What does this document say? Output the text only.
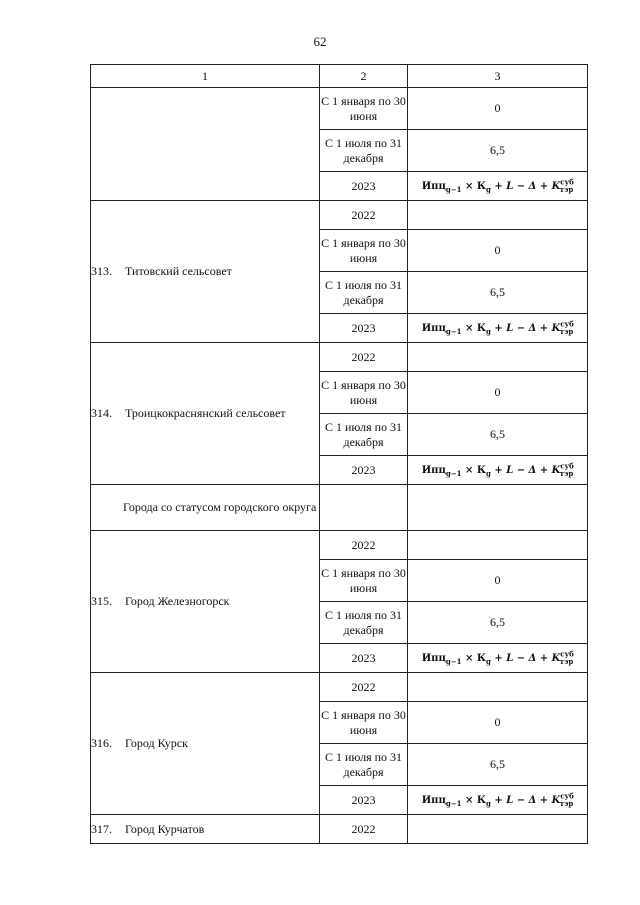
62
1	2	3
	С 1 января по 30 июня	0
	С 1 июля по 31 декабря	6,5
	2023	$Ипц_{g-1} \times К_g + L - \Delta + K^{суб}_{тэр}$
313. Титовский сельсовет	2022	
	С 1 января по 30 июня	0
	С 1 июля по 31 декабря	6,5
	2023	$Ипц_{g-1} \times К_g + L - \Delta + K^{суб}_{тэр}$
314. Троицкокраснянский сельсовет	2022	
	С 1 января по 30 июня	0
	С 1 июля по 31 декабря	6,5
	2023	$Ипц_{g-1} \times К_g + L - \Delta + K^{суб}_{тэр}$
Города со статусом городского округа		
315. Город Железногорск	2022	
	С 1 января по 30 июня	0
	С 1 июля по 31 декабря	6,5
	2023	$Ипц_{g-1} \times К_g + L - \Delta + K^{суб}_{тэр}$
316. Город Курск	2022	
	С 1 января по 30 июня	0
	С 1 июля по 31 декабря	6,5
	2023	$Ипц_{g-1} \times К_g + L - \Delta + K^{суб}_{тэр}$
317. Город Курчатов	2022	
